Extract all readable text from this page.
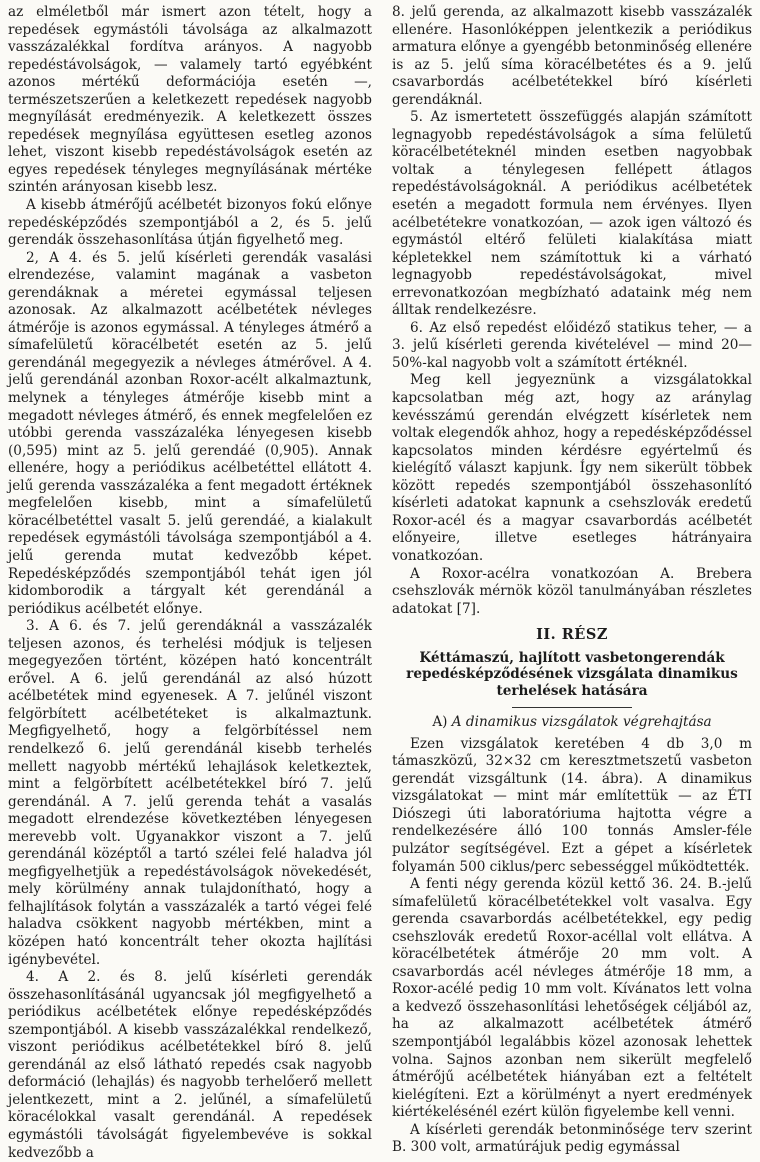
az elméletből már ismert azon tételt, hogy a repedések egymástóli távolsága az alkalmazott vasszázalékkal fordítva arányos. A nagyobb repedéstávolságok, — valamely tartó egyébként azonos mértékű deformációja esetén —, természetszerűen a keletkezett repedések nagyobb megnyílását eredményezik. A keletkezett összes repedések megnyílása együttesen esetleg azonos lehet, viszont kisebb repedéstávolságok esetén az egyes repedések tényleges megnyílásának mértéke szintén arányosan kisebb lesz.

A kisebb átmérőjű acélbetét bizonyos fokú előnye repedésképződés szempontjából a 2, és 5. jelű gerendák összehasonlítása útján figyelhető meg.

2, A 4. és 5. jelű kísérleti gerendák vasalási elrendezése, valamint magának a vasbeton gerendáknak a méretei egymással teljesen azonosak. Az alkalmazott acélbetétek névleges átmérője is azonos egymással. A tényleges átmérő a símafelületű köracélbetét esetén az 5. jelű gerendánál megegyezik a névleges átmérővel. A 4. jelű gerendánál azonban Roxor-acélt alkalmaztunk, melynek a tényleges átmérője kisebb mint a megadott névleges átmérő, és ennek megfelelően ez utóbbi gerenda vasszázaléka lényegesen kisebb (0,595) mint az 5. jelű gerendáé (0,905). Annak ellenére, hogy a periódikus acélbetéttel ellátott 4. jelű gerenda vasszázaléka a fent megadott értéknek megfelelően kisebb, mint a símafelületű köracélbetéttel vasalt 5. jelű gerendáé, a kialakult repedések egymástóli távolsága szempontjából a 4. jelű gerenda mutat kedvezőbb képet. Repedésképződés szempontjából tehát igen jól kidomborodik a tárgyalt két gerendánál a periódikus acélbetét előnye.

3. A 6. és 7. jelű gerendáknál a vasszázalék teljesen azonos, és terhelési módjuk is teljesen megegyezően történt, középen ható koncentrált erővel. A 6. jelű gerendánál az alsó húzott acélbetétek mind egyenesek. A 7. jelűnél viszont felgörbített acélbetéteket is alkalmaztunk. Megfigyelhető, hogy a felgörbítéssel nem rendelkező 6. jelű gerendánál kisebb terhelés mellett nagyobb mértékű lehajlások keletkeztek, mint a felgörbített acélbetétekkel bíró 7. jelű gerendánál. A 7. jelű gerenda tehát a vasalás megadott elrendezése következtében lényegesen merevebb volt. Ugyanakkor viszont a 7. jelű gerendánál középtől a tartó szélei felé haladva jól megfigyelhetjük a repedéstávolságok növekedését, mely körülmény annak tulajdonítható, hogy a felhajlítások folytán a vasszázalék a tartó végei felé haladva csökkent nagyobb mértékben, mint a középen ható koncentrált teher okozta hajlítási igénybevétel.

4. A 2. és 8. jelű kísérleti gerendák összehasonlításánál ugyancsak jól megfigyelhető a periódikus acélbetétek előnye repedésképződés szempontjából. A kisebb vasszázalékkal rendelkező, viszont periódikus acélbetétekkel bíró 8. jelű gerendánál az első látható repedés csak nagyobb deformáció (lehajlás) és nagyobb terhelőerő mellett jelentkezett, mint a 2. jelűnél, a símafelületű köracélokkal vasalt gerendánál. A repedések egymástóli távolságát figyelembevéve is sokkal kedvezőbb a

8. jelű gerenda, az alkalmazott kisebb vasszázalék ellenére. Hasonlóképpen jelentkezik a periódikus armatura előnye a gyengébb betonminőség ellenére is az 5. jelű síma köracélbetétes és a 9. jelű csavarbordás acélbetétekkel bíró kísérleti gerendáknál.

5. Az ismertetett összefüggés alapján számított legnagyobb repedéstávolságok a síma felületű köracélbetéteknél minden esetben nagyobbak voltak a ténylegesen fellépett átlagos repedéstávolságoknál. A periódikus acélbetétek esetén a megadott formula nem érvényes. Ilyen acélbetétekre vonatkozóan, — azok igen változó és egymástól eltérő felületi kialakítása miatt képletekkel nem számítottuk ki a várható legnagyobb repedéstávolságokat, mivel errevonatkozóan megbízható adataink még nem álltak rendelkezésre.

6. Az első repedést előidéző statikus teher, — a 3. jelű kísérleti gerenda kivételével — mind 20—50%-kal nagyobb volt a számított értéknél.

Meg kell jegyeznünk a vizsgálatokkal kapcsolatban még azt, hogy az aránylag kevésszámú gerendán elvégzett kísérletek nem voltak elegendők ahhoz, hogy a repedésképződéssel kapcsolatos minden kérdésre egyértelmű és kielégítő választ kapjunk. Így nem sikerült többek között repedés szempontjából összehasonlító kísérleti adatokat kapnunk a csehszlovák eredetű Roxor-acél és a magyar csavarbordás acélbetét előnyeire, illetve esetleges hátrányaira vonatkozóan.

A Roxor-acélra vonatkozóan A. Brebera csehszlovák mérnök közöl tanulmányában részletes adatokat [7].

II. RÉSZ
Kéttámaszú, hajlított vasbetongerendák repedésképződésének vizsgálata dinamikus terhelések hatására
A) A dinamikus vizsgálatok végrehajtása

Ezen vizsgálatok keretében 4 db 3,0 m támaszközű, 32×32 cm keresztmetszetű vasbeton gerendát vizsgáltunk (14. ábra). A dinamikus vizsgálatokat — mint már említettük — az ÉTI Diószegi úti laboratóriuma hajtotta végre a rendelkezésére álló 100 tonnás Amsler-féle pulzátor segítségével. Ezt a gépet a kísérletek folyamán 500 ciklus/perc sebességgel működtették.

A fenti négy gerenda közül kettő 36. 24. B.-jelű símafelületű köracélbetétekkel volt vasalva. Egy gerenda csavarbordás acélbetétekkel, egy pedig csehszlovák eredetű Roxor-acéllal volt ellátva. A köracélbetétek átmérője 20 mm volt. A csavarbordás acél névleges átmérője 18 mm, a Roxor-acélé pedig 10 mm volt. Kívánatos lett volna a kedvező összehasonlítási lehetőségek céljából az, ha az alkalmazott acélbetétek átmérő szempontjából legalábbis közel azonosak lehettek volna. Sajnos azonban nem sikerült megfelelő átmérőjű acélbetétek hiányában ezt a feltételt kielégíteni. Ezt a körülményt a nyert eredmények kiértékelésénél ezért külön figyelembe kell venni.

A kísérleti gerendák betonminősége terv szerint B. 300 volt, armatúrájuk pedig egymással
